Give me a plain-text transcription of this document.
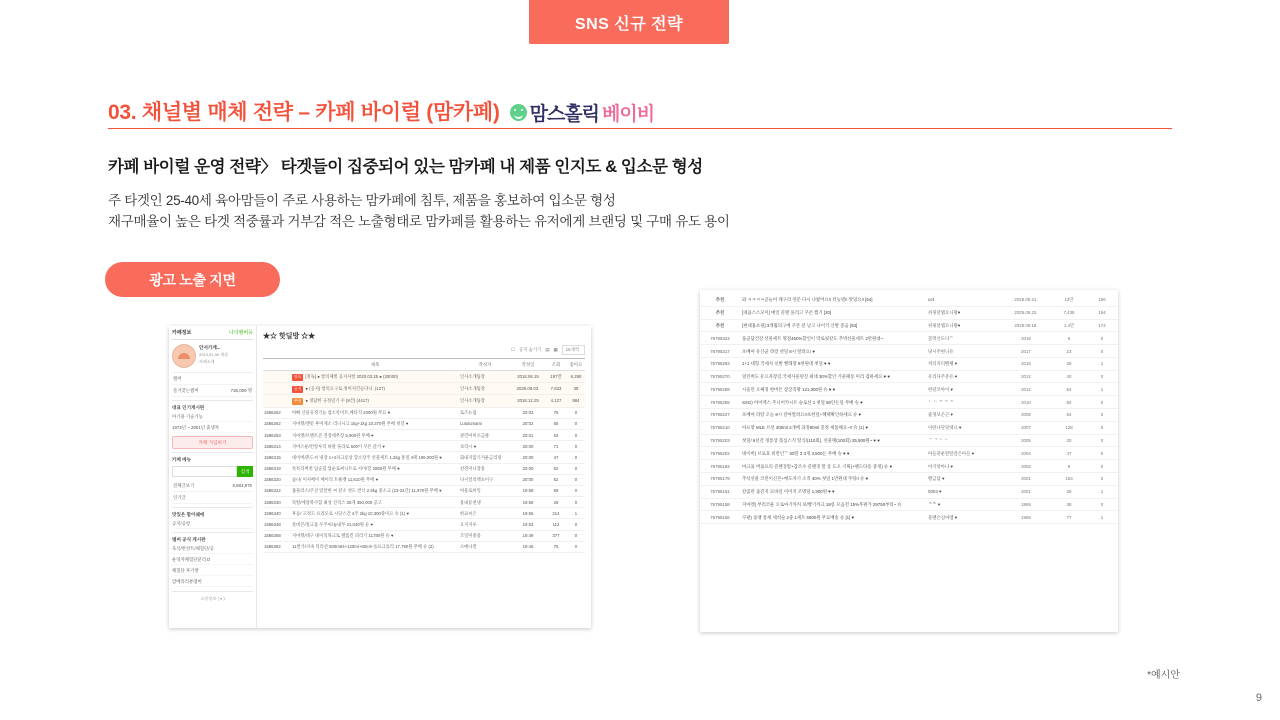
SNS 신규 전략
03. 채널별 매체 전략 – 카페 바이럴 (맘카페) 맘스홀릭 베이비
카페 바이럴 운영 전략〉 타겟들이 집중되어 있는 맘카페 내 제품 인지도 & 입소문 형성
주 타겟인 25-40세 육아맘들이 주로 사용하는 맘카페에 침투, 제품을 홍보하여 입소문 형성
재구매율이 높은 타겟 적중률과 거부감 적은 노출형태로 맘카페를 활용하는 유저에게 브랜딩 및 구매 유도 용이
광고 노출 지면
카페정보	나의멤버등
안서가게...
2013.01.30 개설
카페소개
멤버
즐겨찾는멤버	736,009 명
대표 인기게시판
아기용 기술기능
1972년 ~ 2001년 출생자
카페 가입하기
카페 메뉴
검색
전체글보기	8,983,975
인기글
맛있은 함이쉐에
공지/공항
멤버 공식 게시판
육식/반찬트/체험단/공
운영자체험단분리 D
체험단 후기방
맘베리리뷰멤버
소망정보 ( ▾ )
★☆ 핫딜방 ☆★
☐ 공지 숨기기 ▤ ▦	15개씩
	제목	작성자	작성일	조회	좋아요
	필독 [정독] ● 항의체벌 공지사항 2020.03.25 ● (30000)	인사소개팀장	2018.06.15	197만	6,290
	공지 ● (공지) 항의요구로 정미저건들다니. (127)	인사소개팀장	2025.09.03.	7,833	38
	추천 ● 정답한 규정밀기 수 (8건) (4417)	인사소개팀장	2018.12.25	4,127	984
1586262	아빠 산물유정기능 잡소록미트,베타직 2000원 무료 ♥	토즈뉴럼	20:03	76	0
1586262	지마켓/앤롯 후머게소 리니시크 1kg+1kg 10,370원 무배 첫딜 ♥	Lululumami	20:02	65	0
1586263	지마켓/브랜트콘 견장세무장 5,900원 무배 ♥	쿨린아미오금클	20:01	53	0
1586314	지마스운/컨항루직 바랄 플라로 500이 쿠폰 즐겨 ♥	보리시 ♥	20:00	71	0
1586315	네이버/춘도씨 냉장 1+4파크롱상 할소장주 선물세트 1.2kg 홍질 4팩 199,000원 ♥	화내지않기겨운금리링	20:00	47	0
1586319	톡톡리버전 입술칩 압순로써니트로 셔미/꿀 2800원 무배 ♥	친전미니장용	20:00	62	0
1586320	슴나/ 이사베이 베이직 트훌벳 11,810원 무배 ♥	다시얼의핵쇼이구	20:00	62	0
1586322	홈플러스/쿠산 달달한 씨 같소 첫도 번너 2.5kg 중소크 (23-24간) 11,970원 무배 ♥	아용로뷰일	19:58	59	0
1586330	똑딸/에창북쿠함 최상 진직스 30개 350,000 공고	용내통천냉	19:56	26	0
1586340	후등/ 고정도 프리모로 시단스간 4주 2kg 10,300중미요 슈 (1) ♥	한교씨은	19:56	214	1
1586348	롯데콘/절크품 우주씨/늄내푸 21,040원 슈 ♥	요지지루	19:53	112	0
1586368	지마켓/대구 네이의목크로 첼롭킨 퍼리기 11780원 슈 ♥	조일미중용	19:49	377	0
1586382	11번가/지속 리리션 500m64+120ml+60ml+롤프크롤리 17,790원 무배 슈 (2)	소메나컨	19:45	76	0
추천	와 ㅋㅋㅋㅋ곧눌어 깨구리 연문 다시 나왔어요!! 러능멸!! 맛딜요!! [64]	ur4	2025.09.21.	13만	196
추천	[네옵스스모이] 매일 콜맨 돌리고 쿠폰 찜기 [20]	쉬핑달랩으니왕♥	2025.09.22.	7,435	194
추천	[현대홈쇼핑] 3개월의구매 쿠폰 분 날고 나이키 산발 증음 [94]	쉬핑달랩으니왕♥	2025.09.18.	1.4만	174
76795324	품군담건강 선물세트 명절450%할인이 막로핏같도 추벅선물세트 2만원대~	꽃먹산도다ᄃ	2018	6	0
76795317	포베아 유산균 라랑 첫딜 8시 딸려요! ♥	당시주현니유	2017	23	0
76795293	1+1 대형 국세사 신발 빨래망 8천원대 첫딜 ♥ ♥	치티지티벤펭 ♥	2015	28	1
76795270	얼린버도 유요자장길.국세사물펑진 최대 30%할인 겨울패롱 미리 겸하세요 ♥ ♥	유리다주쥬유 ♥	2012	40	0
76795269	시울린 오쎄징 한버튼 삼굴직땅 121,300원 슈 ♥ ♥	한달코아이 ♥	2012	54	1
76795255	SSG) 아이맥스 주니어카시트 슬로션 1 첫딜 50안돈딜 무배 슈 ♥	ᄂ ᄂ ᄃ ᄃ ᄃ	2010	82	0
76795227	포베아 라랑 오늘 8시 갈아딸려요!!초헌딜+혜택확인하세요 슈 ♥	쥴정보곤곤 ♥	2008	84	0
76795210	아프망 MLE 르션 300ml 2개에 과정90ml 증정 세틀해요~!! 슈 (1) ♥	이딴나단달대요 ♥	2007	128	0
76795203	첫딜/ 6년간 정통상 홀심스직 딸식/(110회), 선물팽(100회) 25,900원~ ♥ ♥	ᄀ ᄀ ᄂ ᄂ	2005	20	0
76795202	네이버) 브로효 비만인ᄃ 50딸 3 3개 3,500돈 무배 슈 ♥ ♥	아들같운딸딸갚은아들 ♥	2004	47	0
76795184	마크롤 버롤프리 콜랜징딸+감조수 콜랜징 딸 롱 도오 기획(+팬드타롱 중정) 슈 ♥	아기앙아나 ♥	2002	9	0
76795179	추석선물 코민이신본+베도자기 소직 40% 첫딜 1만원대 푸팅!! 슈 ♥	빵금담 ♥	2001	163	0
76795161	갈콤만 롤진지 모바일 이미지 조명딜 1,900원 ♥ ♥	0003 ♥	2001	28	1
76795158	지마켓) 부리코운 오로마기까커 보/빵기까크 18롱 모음전 15%무편가 29750부티~ 슈	ᄌᄎ ♥	1959	38	0
76795156	쿠팡) 롤맹 통세 세척슬 2중 1세트 5900원 무료배송 슈 [1] ♥	물랜슨심마멤 ♥	1958	77	1
*예시안
9
